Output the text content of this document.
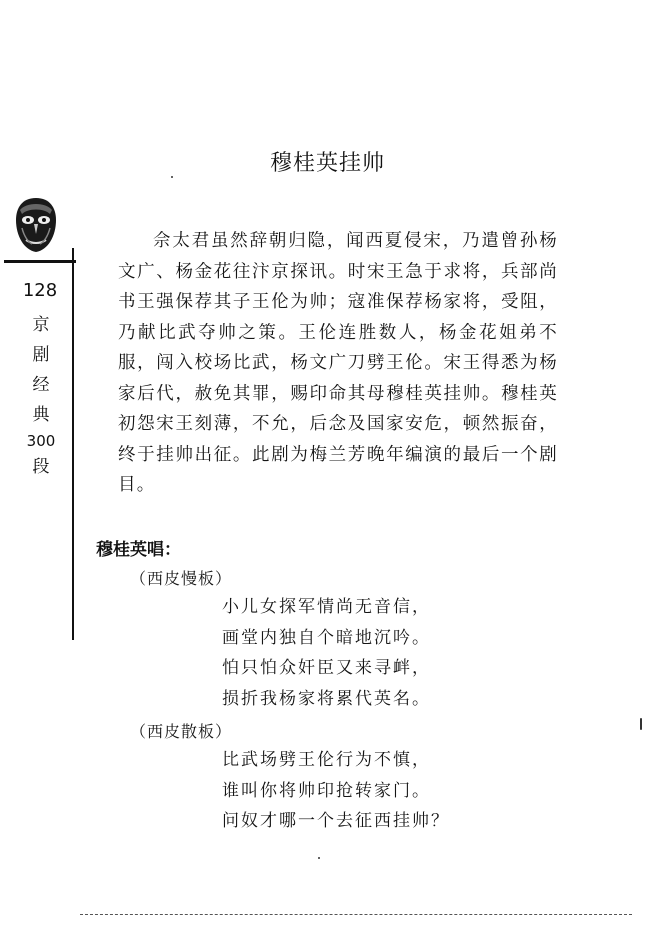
128
京
剧
经
典
300
段
穆桂英挂帅

佘太君虽然辞朝归隐，闻西夏侵宋，乃遣曾孙杨文广、杨金花往汴京探讯。时宋王急于求将，兵部尚书王强保荐其子王伦为帅；寇准保荐杨家将，受阻，乃献比武夺帅之策。王伦连胜数人，杨金花姐弟不服，闯入校场比武，杨文广刀劈王伦。宋王得悉为杨家后代，赦免其罪，赐印命其母穆桂英挂帅。穆桂英初怨宋王刻薄，不允，后念及国家安危，顿然振奋，终于挂帅出征。此剧为梅兰芳晚年编演的最后一个剧目。

穆桂英唱：
（西皮慢板）
小儿女探军情尚无音信，
画堂内独自个暗地沉吟。
怕只怕众奸臣又来寻衅，
损折我杨家将累代英名。
（西皮散板）
比武场劈王伦行为不慎，
谁叫你将帅印抢转家门。
问奴才哪一个去征西挂帅？
